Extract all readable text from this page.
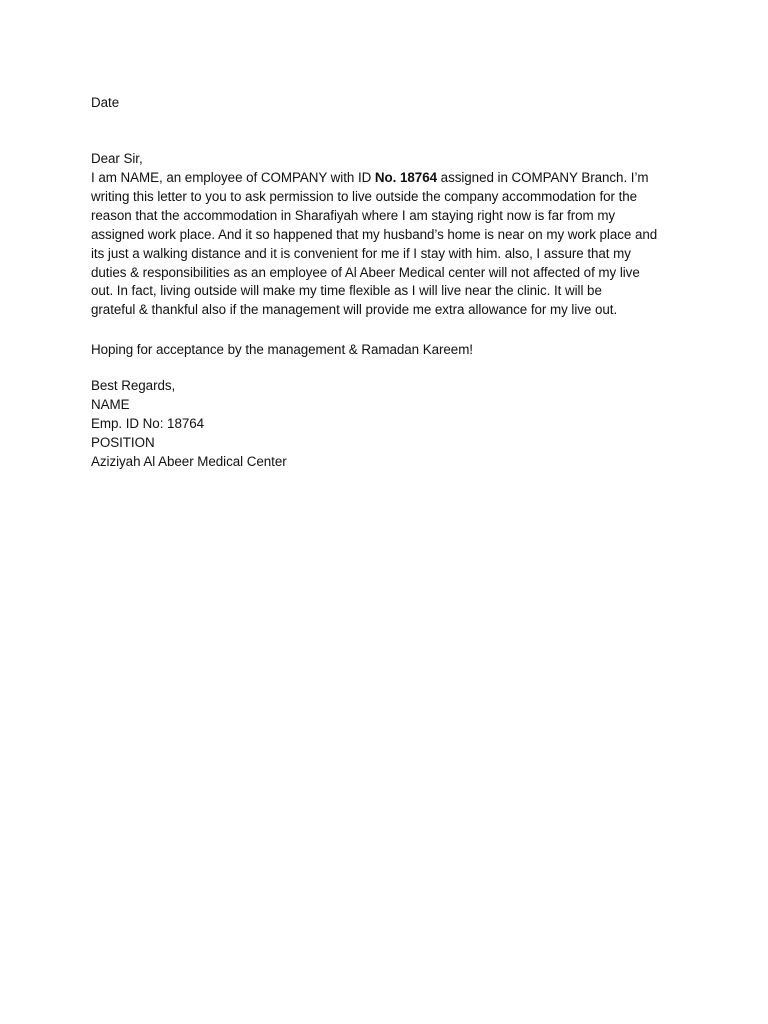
Date
Dear Sir,
I am NAME, an employee of COMPANY with ID No. 18764 assigned in COMPANY Branch. I’m
writing this letter to you to ask permission to live outside the company accommodation for the
reason that the accommodation in Sharafiyah where I am staying right now is far from my
assigned work place. And it so happened that my husband’s home is near on my work place and
its just a walking distance and it is convenient for me if I stay with him. also, I assure that my
duties & responsibilities as an employee of Al Abeer Medical center will not affected of my live
out. In fact, living outside will make my time flexible as I will live near the clinic. It will be
grateful & thankful also if the management will provide me extra allowance for my live out.
Hoping for acceptance by the management & Ramadan Kareem!
Best Regards,
NAME
Emp. ID No: 18764
POSITION
Aziziyah Al Abeer Medical Center
